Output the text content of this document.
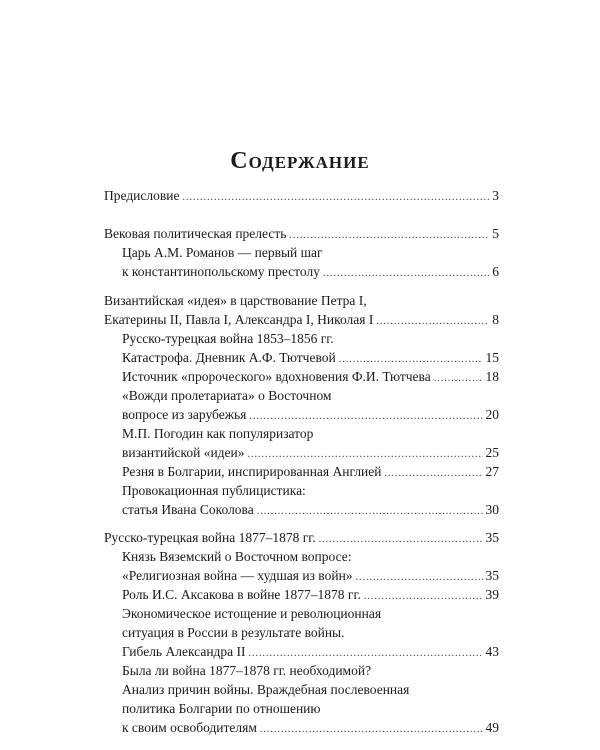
Содержание
Предисловие .....	3
Вековая политическая прелесть .....	5
Царь А.М. Романов — первый шаг
к константинопольскому престолу .....	6
Византийская «идея» в царствование Петра I,
Екатерины II, Павла I, Александра I, Николая I .....	8
Русско-турецкая война 1853–1856 гг.
Катастрофа. Дневник А.Ф. Тютчевой .....	15
Источник «пророческого» вдохновения Ф.И. Тютчева .....	18
«Вожди пролетариата» о Восточном
вопросе из зарубежья .....	20
М.П. Погодин как популяризатор
византийской «идеи» .....	25
Резня в Болгарии, инспирированная Англией .....	27
Провокационная публицистика:
статья Ивана Соколова .....	30
Русско-турецкая война 1877–1878 гг. .....	35
Князь Вяземский о Восточном вопросе:
«Религиозная война — худшая из войн» .....	35
Роль И.С. Аксакова в войне 1877–1878 гг. .....	39
Экономическое истощение и революционная
ситуация в России в результате войны.
Гибель Александра II .....	43
Была ли война 1877–1878 гг. необходимой?
Анализ причин войны. Враждебная послевоенная
политика Болгарии по отношению
к своим освободителям .....	49
